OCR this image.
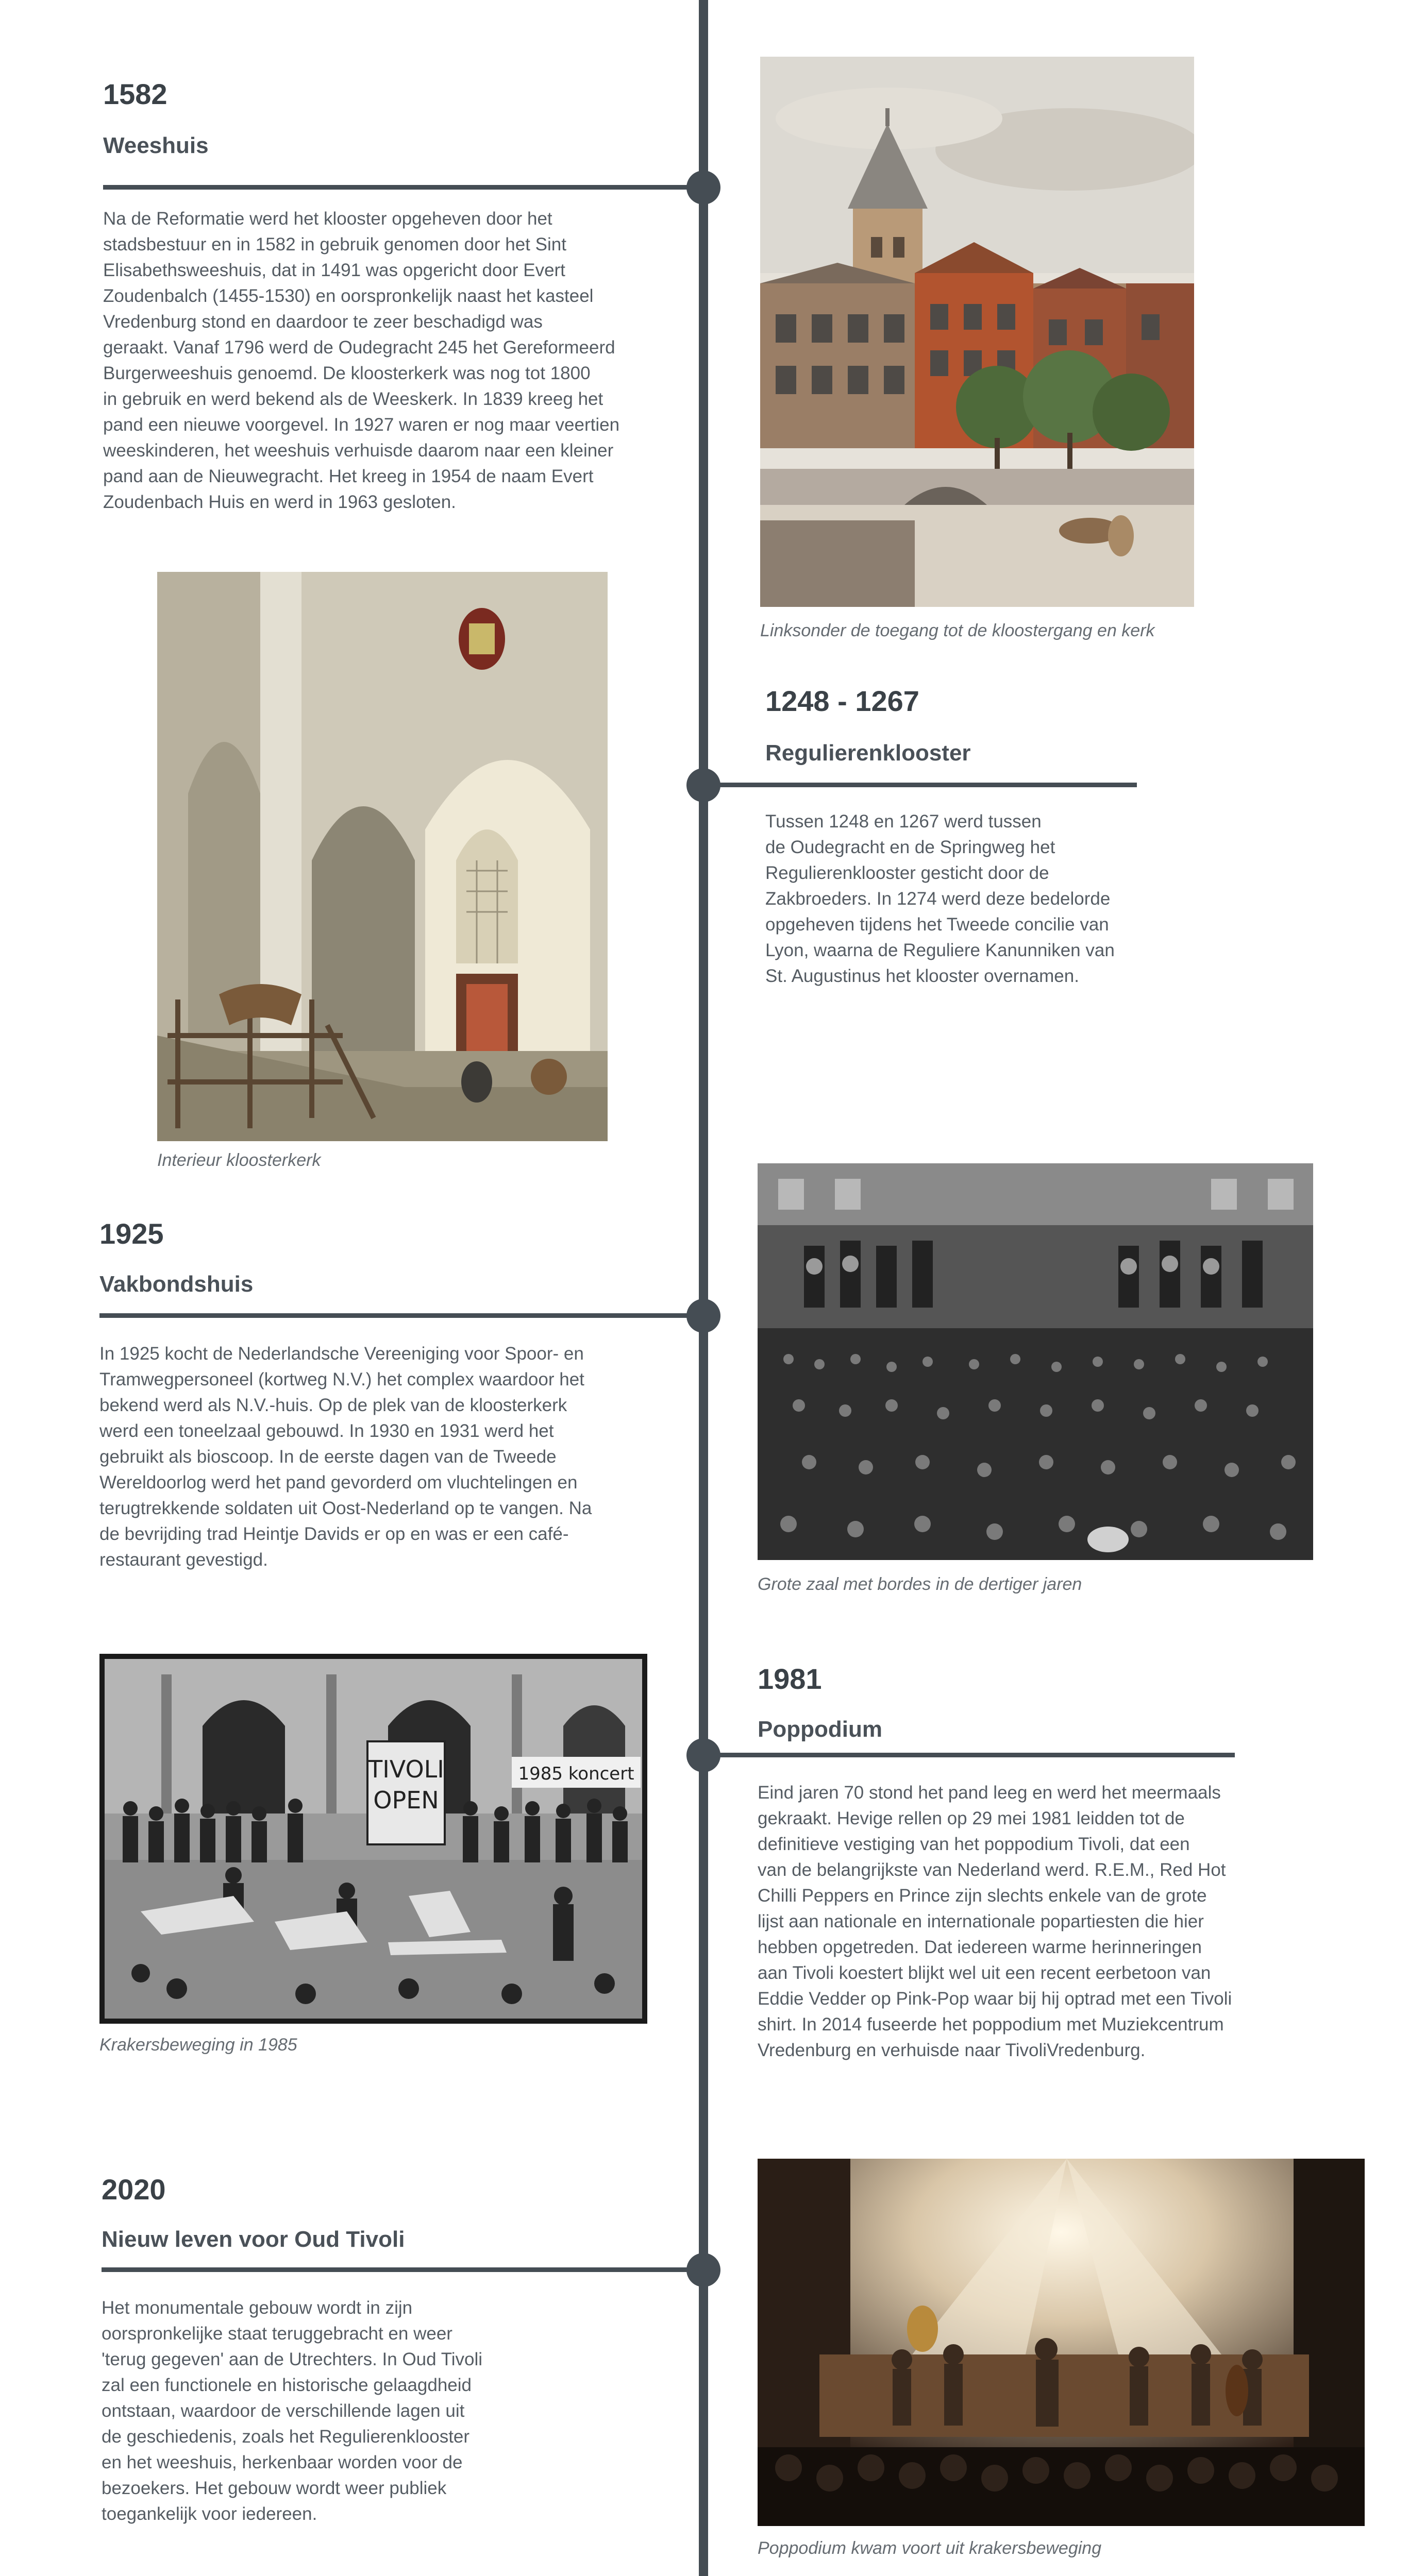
1582
Weeshuis
Na de Reformatie werd het klooster opgeheven door het
stadsbestuur en in 1582 in gebruik genomen door het Sint
Elisabethsweeshuis, dat in 1491 was opgericht door Evert
Zoudenbalch (1455-1530) en oorspronkelijk naast het kasteel
Vredenburg stond en daardoor te zeer beschadigd was
geraakt. Vanaf 1796 werd de Oudegracht 245 het Gereformeerd
Burgerweeshuis genoemd. De kloosterkerk was nog tot 1800
in gebruik en werd bekend als de Weeskerk. In 1839 kreeg het
pand een nieuwe voorgevel. In 1927 waren er nog maar veertien
weeskinderen, het weeshuis verhuisde daarom naar een kleiner
pand aan de Nieuwegracht. Het kreeg in 1954 de naam Evert
Zoudenbach Huis en werd in 1963 gesloten.

Linksonder de toegang tot de kloostergang en kerk

1248 - 1267
Regulierenklooster
Tussen 1248 en 1267 werd tussen
de Oudegracht en de Springweg het
Regulierenklooster gesticht door de
Zakbroeders. In 1274 werd deze bedelorde
opgeheven tijdens het Tweede concilie van
Lyon, waarna de Reguliere Kanunniken van
St. Augustinus het klooster overnamen.

Interieur kloosterkerk

1925
Vakbondshuis
In 1925 kocht de Nederlandsche Vereeniging voor Spoor- en
Tramwegpersoneel (kortweg N.V.) het complex waardoor het
bekend werd als N.V.-huis. Op de plek van de kloosterkerk
werd een toneelzaal gebouwd. In 1930 en 1931 werd het
gebruikt als bioscoop. In de eerste dagen van de Tweede
Wereldoorlog werd het pand gevorderd om vluchtelingen en
terugtrekkende soldaten uit Oost-Nederland op te vangen. Na
de bevrijding trad Heintje Davids er op en was er een café-
restaurant gevestigd.

Grote zaal met bordes in de dertiger jaren

1981
Poppodium
Eind jaren 70 stond het pand leeg en werd het meermaals
gekraakt. Hevige rellen op 29 mei 1981 leidden tot de
definitieve vestiging van het poppodium Tivoli, dat een
van de belangrijkste van Nederland werd. R.E.M., Red Hot
Chilli Peppers en Prince zijn slechts enkele van de grote
lijst aan nationale en internationale popartiesten die hier
hebben opgetreden. Dat iedereen warme herinneringen
aan Tivoli koestert blijkt wel uit een recent eerbetoon van
Eddie Vedder op Pink-Pop waar bij hij optrad met een Tivoli
shirt. In 2014 fuseerde het poppodium met Muziekcentrum
Vredenburg en verhuisde naar TivoliVredenburg.
TIVOLI
OPEN
1985 koncert

Krakersbeweging in 1985

2020
Nieuw leven voor Oud Tivoli
Het monumentale gebouw wordt in zijn
oorspronkelijke staat teruggebracht en weer
'terug gegeven' aan de Utrechters. In Oud Tivoli
zal een functionele en historische gelaagdheid
ontstaan, waardoor de verschillende lagen uit
de geschiedenis, zoals het Regulierenklooster
en het weeshuis, herkenbaar worden voor de
bezoekers. Het gebouw wordt weer publiek
toegankelijk voor iedereen.

Poppodium kwam voort uit krakersbeweging
